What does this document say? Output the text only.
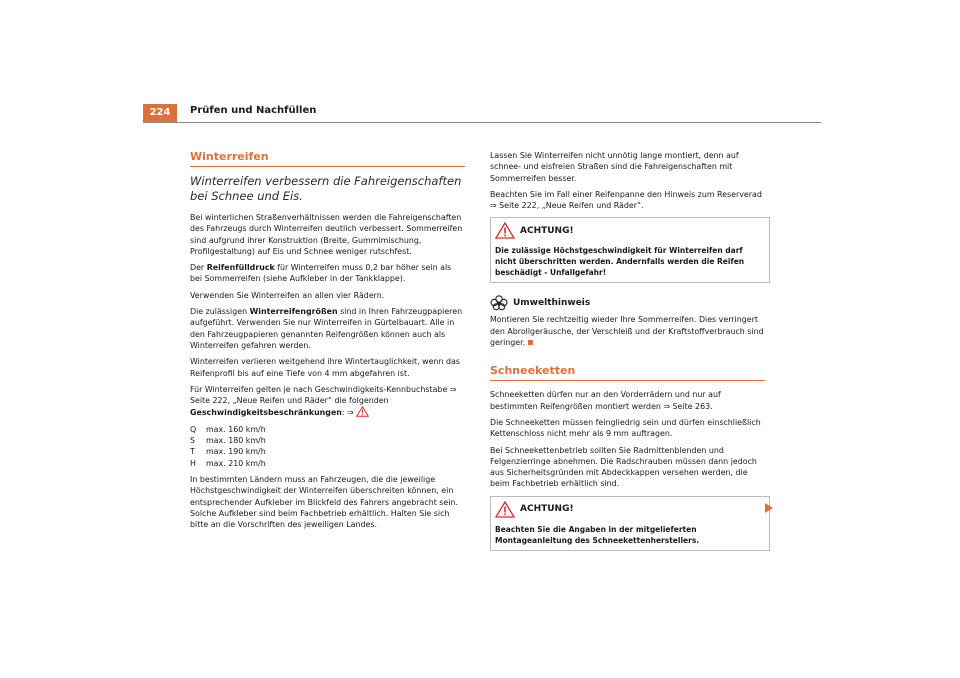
224	Prüfen und Nachfüllen
Winterreifen
Winterreifen verbessern die Fahreigenschaften bei Schnee und Eis.

Bei winterlichen Straßenverhältnissen werden die Fahreigenschaften des Fahrzeugs durch Winterreifen deutlich verbessert. Sommerreifen sind aufgrund ihrer Konstruktion (Breite, Gummimischung, Profilgestaltung) auf Eis und Schnee weniger rutschfest.

Der Reifenfülldruck für Winterreifen muss 0,2 bar höher sein als bei Sommerreifen (siehe Aufkleber in der Tankklappe).

Verwenden Sie Winterreifen an allen vier Rädern.

Die zulässigen Winterreifengrößen sind in Ihren Fahrzeugpapieren aufgeführt. Verwenden Sie nur Winterreifen in Gürtelbauart. Alle in den Fahrzeugpapieren genannten Reifengrößen können auch als Winterreifen gefahren werden.

Winterreifen verlieren weitgehend ihre Wintertauglichkeit, wenn das Reifenprofil bis auf eine Tiefe von 4 mm abgefahren ist.

Für Winterreifen gelten je nach Geschwindigkeits-Kennbuchstabe ⇒ Seite 222, „Neue Reifen und Räder“ die folgenden Geschwindigkeitsbeschränkungen: ⇒

Q	max. 160 km/h
S	max. 180 km/h
T	max. 190 km/h
H	max. 210 km/h

In bestimmten Ländern muss an Fahrzeugen, die die jeweilige Höchstgeschwindigkeit der Winterreifen überschreiten können, ein entsprechender Aufkleber im Blickfeld des Fahrers angebracht sein. Solche Aufkleber sind beim Fachbetrieb erhältlich. Halten Sie sich bitte an die Vorschriften des jeweiligen Landes.

Lassen Sie Winterreifen nicht unnötig lange montiert, denn auf schnee- und eisfreien Straßen sind die Fahreigenschaften mit Sommerreifen besser.

Beachten Sie im Fall einer Reifenpanne den Hinweis zum Reserverad ⇒ Seite 222, „Neue Reifen und Räder“.

ACHTUNG!

Die zulässige Höchstgeschwindigkeit für Winterreifen darf nicht überschritten werden. Andernfalls werden die Reifen beschädigt - Unfallgefahr!

Umwelthinweis

Montieren Sie rechtzeitig wieder Ihre Sommerreifen. Dies verringert den Abrollgeräusche, der Verschleiß und der Kraftstoffverbrauch sind geringer.

Schneeketten

Schneeketten dürfen nur an den Vorderrädern und nur auf bestimmten Reifengrößen montiert werden ⇒ Seite 263.

Die Schneeketten müssen feingliedrig sein und dürfen einschließlich Kettenschloss nicht mehr als 9 mm auftragen.

Bei Schneekettenbetrieb sollten Sie Radmittenblenden und Felgenzierringe abnehmen. Die Radschrauben müssen dann jedoch aus Sicherheitsgründen mit Abdeckkappen versehen werden, die beim Fachbetrieb erhältlich sind.

ACHTUNG!

Beachten Sie die Angaben in der mitgelieferten Montageanleitung des Schneekettenherstellers.
